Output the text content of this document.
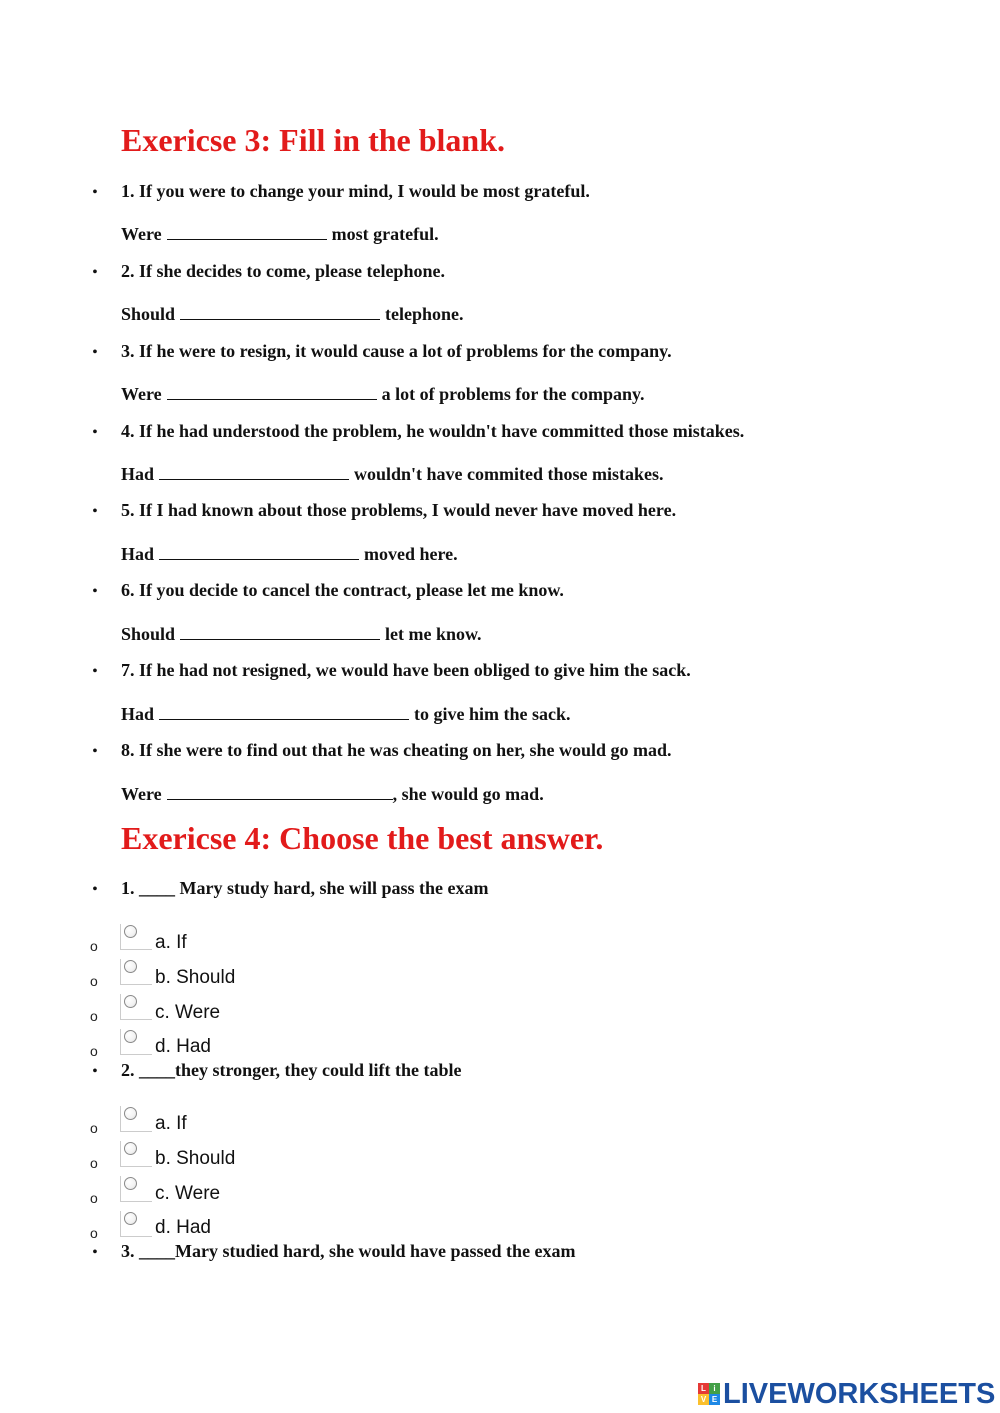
Exericse 3: Fill in the blank.
• 1. If you were to change your mind, I would be most grateful.
Were	most grateful.
• 2. If she decides to come, please telephone.
Should	telephone.
• 3. If he were to resign, it would cause a lot of problems for the company.
Were	a lot of problems for the company.
• 4. If he had understood the problem, he wouldn't have committed those mistakes.
Had	wouldn't have commited those mistakes.
• 5. If I had known about those problems, I would never have moved here.
Had	moved here.
• 6. If you decide to cancel the contract, please let me know.
Should	let me know.
• 7. If he had not resigned, we would have been obliged to give him the sack.
Had	to give him the sack.
• 8. If she were to find out that he was cheating on her, she would go mad.
Were	, she would go mad.
Exericse 4: Choose the best answer.
• 1. ____ Mary study hard, she will pass the exam
o	a. If
o	b. Should
o	c. Were
o	d. Had
• 2. ____they stronger, they could lift the table
o	a. If
o	b. Should
o	c. Were
o	d. Had
• 3. ____Mary studied hard, she would have passed the exam
L i
V E LIVEWORKSHEETS
